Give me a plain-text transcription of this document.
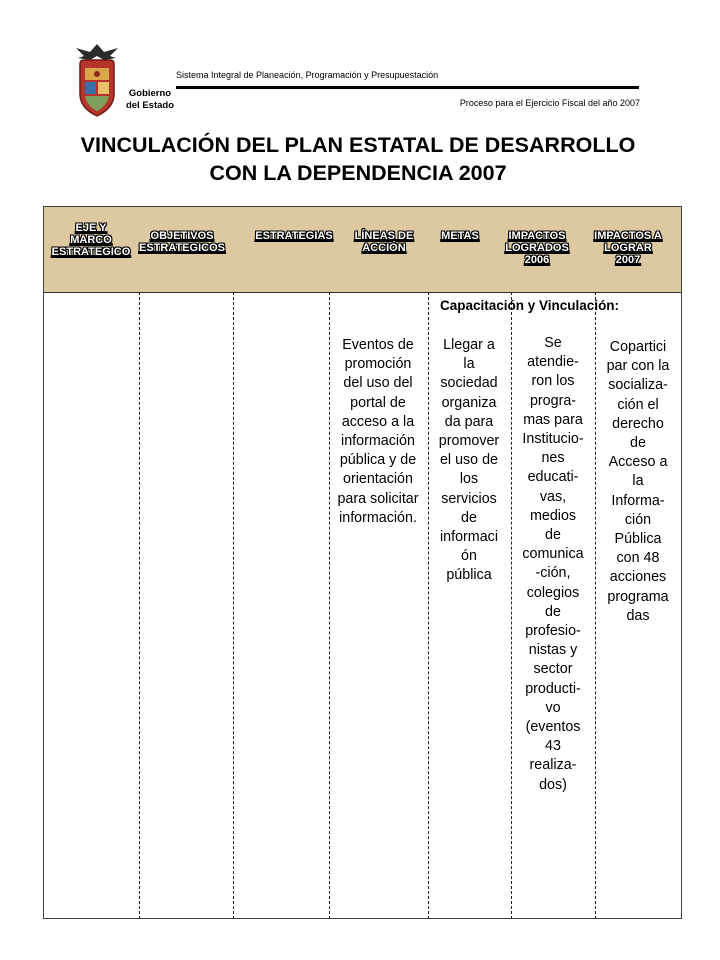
Gobierno
del Estado
Sistema Integral de Planeación, Programación y Presupuestación
Proceso para el Ejercicio Fiscal del año 2007
VINCULACIÓN DEL PLAN ESTATAL DE DESARROLLO
CON LA DEPENDENCIA 2007
EJE Y
MARCO
ESTRATEGICO
OBJETIVOS
ESTRATEGICOS
ESTRATEGIAS	LÍNEAS DE
ACCIÓN
METAS	IMPACTOS
LOGRADOS
2006
IMPACTOS A
LOGRAR
2007
Capacitación y Vinculación:
Eventos de
promoción
del uso del
portal de
acceso a la
información
pública y de
orientación
para solicitar
información.
Llegar a
la
sociedad
organiza
da para
promover
el uso de
los
servicios
de
informaci
ón
pública
Se
atendie-
ron los
progra-
mas para
Institucio-
nes
educati-
vas,
medios
de
comunica
-ción,
colegios
de
profesio-
nistas y
sector
producti-
vo
(eventos
43
realiza-
dos)
Copartici
par con la
socializa-
ción el
derecho
de
Acceso a
la
Informa-
ción
Pública
con 48
acciones
programa
das
